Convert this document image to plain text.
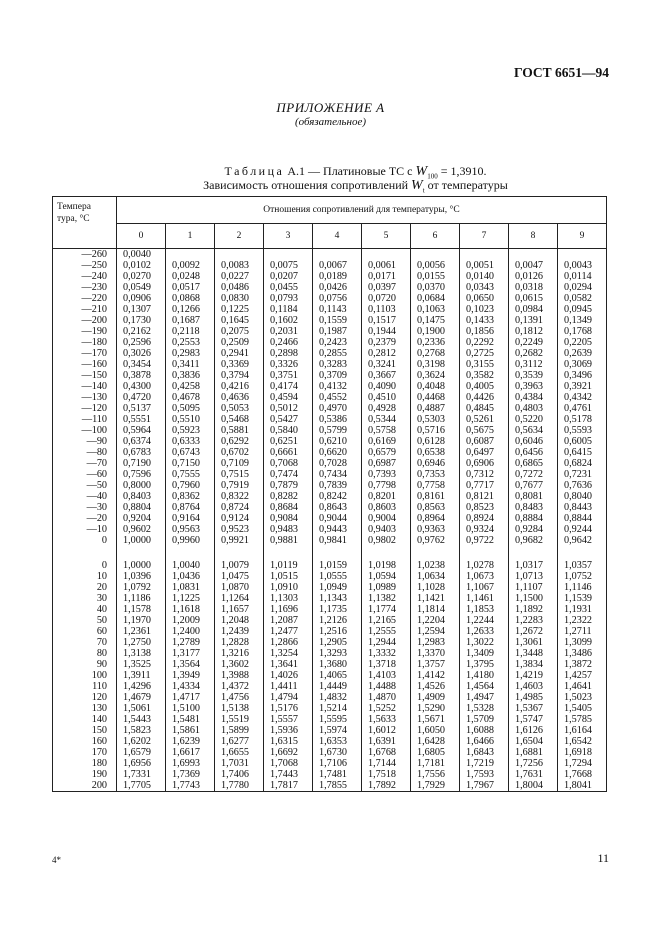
ГОСТ 6651—94
ПРИЛОЖЕНИЕ А
(обязательное)
Таблица А.1 — Платиновые ТС с $W_{100} = 1,3910$.
Зависимость отношения сопротивлений $W_t$ от температуры
Темпера
тура, °С	Отношения сопротивлений для температуры, °С									
	0	1	2	3	4	5	6	7	8	9
—260	0,0040									
—250	0,0102	0,0092	0,0083	0,0075	0,0067	0,0061	0,0056	0,0051	0,0047	0,0043
—240	0,0270	0,0248	0,0227	0,0207	0,0189	0,0171	0,0155	0,0140	0,0126	0,0114
—230	0,0549	0,0517	0,0486	0,0455	0,0426	0,0397	0,0370	0,0343	0,0318	0,0294
—220	0,0906	0,0868	0,0830	0,0793	0,0756	0,0720	0,0684	0,0650	0,0615	0,0582
—210	0,1307	0,1266	0,1225	0,1184	0,1143	0,1103	0,1063	0,1023	0,0984	0,0945
—200	0,1730	0,1687	0,1645	0,1602	0,1559	0,1517	0,1475	0,1433	0,1391	0,1349
—190	0,2162	0,2118	0,2075	0,2031	0,1987	0,1944	0,1900	0,1856	0,1812	0,1768
—180	0,2596	0,2553	0,2509	0,2466	0,2423	0,2379	0,2336	0,2292	0,2249	0,2205
—170	0,3026	0,2983	0,2941	0,2898	0,2855	0,2812	0,2768	0,2725	0,2682	0,2639
—160	0,3454	0,3411	0,3369	0,3326	0,3283	0,3241	0,3198	0,3155	0,3112	0,3069
—150	0,3878	0,3836	0,3794	0,3751	0,3709	0,3667	0,3624	0,3582	0,3539	0,3496
—140	0,4300	0,4258	0,4216	0,4174	0,4132	0,4090	0,4048	0,4005	0,3963	0,3921
—130	0,4720	0,4678	0,4636	0,4594	0,4552	0,4510	0,4468	0,4426	0,4384	0,4342
—120	0,5137	0,5095	0,5053	0,5012	0,4970	0,4928	0,4887	0,4845	0,4803	0,4761
—110	0,5551	0,5510	0,5468	0,5427	0,5386	0,5344	0,5303	0,5261	0,5220	0,5178
—100	0,5964	0,5923	0,5881	0,5840	0,5799	0,5758	0,5716	0,5675	0,5634	0,5593
—90	0,6374	0,6333	0,6292	0,6251	0,6210	0,6169	0,6128	0,6087	0,6046	0,6005
—80	0,6783	0,6743	0,6702	0,6661	0,6620	0,6579	0,6538	0,6497	0,6456	0,6415
—70	0,7190	0,7150	0,7109	0,7068	0,7028	0,6987	0,6946	0,6906	0,6865	0,6824
—60	0,7596	0,7555	0,7515	0,7474	0,7434	0,7393	0,7353	0,7312	0,7272	0,7231
—50	0,8000	0,7960	0,7919	0,7879	0,7839	0,7798	0,7758	0,7717	0,7677	0,7636
—40	0,8403	0,8362	0,8322	0,8282	0,8242	0,8201	0,8161	0,8121	0,8081	0,8040
—30	0,8804	0,8764	0,8724	0,8684	0,8643	0,8603	0,8563	0,8523	0,8483	0,8443
—20	0,9204	0,9164	0,9124	0,9084	0,9044	0,9004	0,8964	0,8924	0,8884	0,8844
—10	0,9602	0,9563	0,9523	0,9483	0,9443	0,9403	0,9363	0,9324	0,9284	0,9244
0	1,0000	0,9960	0,9921	0,9881	0,9841	0,9802	0,9762	0,9722	0,9682	0,9642

0	1,0000	1,0040	1,0079	1,0119	1,0159	1,0198	1,0238	1,0278	1,0317	1,0357
10	1,0396	1,0436	1,0475	1,0515	1,0555	1,0594	1,0634	1,0673	1,0713	1,0752
20	1,0792	1,0831	1,0870	1,0910	1,0949	1,0989	1,1028	1,1067	1,1107	1,1146
30	1,1186	1,1225	1,1264	1,1303	1,1343	1,1382	1,1421	1,1461	1,1500	1,1539
40	1,1578	1,1618	1,1657	1,1696	1,1735	1,1774	1,1814	1,1853	1,1892	1,1931
50	1,1970	1,2009	1,2048	1,2087	1,2126	1,2165	1,2204	1,2244	1,2283	1,2322
60	1,2361	1,2400	1,2439	1,2477	1,2516	1,2555	1,2594	1,2633	1,2672	1,2711
70	1,2750	1,2789	1,2828	1,2866	1,2905	1,2944	1,2983	1,3022	1,3061	1,3099
80	1,3138	1,3177	1,3216	1,3254	1,3293	1,3332	1,3370	1,3409	1,3448	1,3486
90	1,3525	1,3564	1,3602	1,3641	1,3680	1,3718	1,3757	1,3795	1,3834	1,3872
100	1,3911	1,3949	1,3988	1,4026	1,4065	1,4103	1,4142	1,4180	1,4219	1,4257
110	1,4296	1,4334	1,4372	1,4411	1,4449	1,4488	1,4526	1,4564	1,4603	1,4641
120	1,4679	1,4717	1,4756	1,4794	1,4832	1,4870	1,4909	1,4947	1,4985	1,5023
130	1,5061	1,5100	1,5138	1,5176	1,5214	1,5252	1,5290	1,5328	1,5367	1,5405
140	1,5443	1,5481	1,5519	1,5557	1,5595	1,5633	1,5671	1,5709	1,5747	1,5785
150	1,5823	1,5861	1,5899	1,5936	1,5974	1,6012	1,6050	1,6088	1,6126	1,6164
160	1,6202	1,6239	1,6277	1,6315	1,6353	1,6391	1,6428	1,6466	1,6504	1,6542
170	1,6579	1,6617	1,6655	1,6692	1,6730	1,6768	1,6805	1,6843	1,6881	1,6918
180	1,6956	1,6993	1,7031	1,7068	1,7106	1,7144	1,7181	1,7219	1,7256	1,7294
190	1,7331	1,7369	1,7406	1,7443	1,7481	1,7518	1,7556	1,7593	1,7631	1,7668
200	1,7705	1,7743	1,7780	1,7817	1,7855	1,7892	1,7929	1,7967	1,8004	1,8041
4*	11
